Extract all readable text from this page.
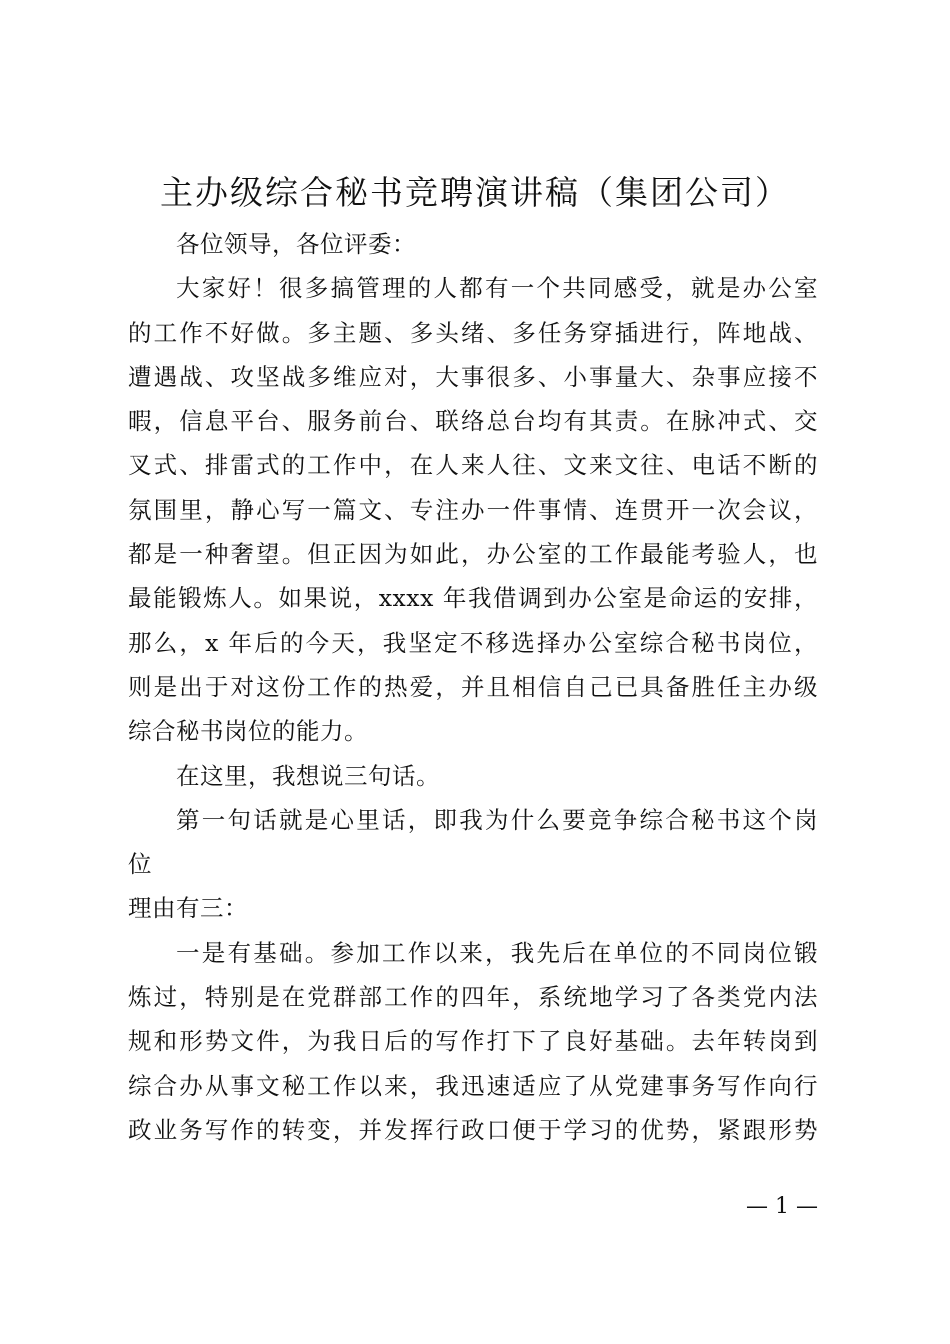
主办级综合秘书竞聘演讲稿（集团公司）

各位领导，各位评委：

大家好！很多搞管理的人都有一个共同感受，就是办公室
的工作不好做。多主题、多头绪、多任务穿插进行，阵地战、
遭遇战、攻坚战多维应对，大事很多、小事量大、杂事应接不
暇，信息平台、服务前台、联络总台均有其责。在脉冲式、交
叉式、排雷式的工作中，在人来人往、文来文往、电话不断的
氛围里，静心写一篇文、专注办一件事情、连贯开一次会议，
都是一种奢望。但正因为如此，办公室的工作最能考验人，也
最能锻炼人。如果说，xxxx 年我借调到办公室是命运的安排，
那么，x 年后的今天，我坚定不移选择办公室综合秘书岗位，
则是出于对这份工作的热爱，并且相信自己已具备胜任主办级
综合秘书岗位的能力。

在这里，我想说三句话。

第一句话就是心里话，即我为什么要竞争综合秘书这个岗
位

理由有三：

一是有基础。参加工作以来，我先后在单位的不同岗位锻
炼过，特别是在党群部工作的四年，系统地学习了各类党内法
规和形势文件，为我日后的写作打下了良好基础。去年转岗到
综合办从事文秘工作以来，我迅速适应了从党建事务写作向行
政业务写作的转变，并发挥行政口便于学习的优势，紧跟形势

— 1 —
